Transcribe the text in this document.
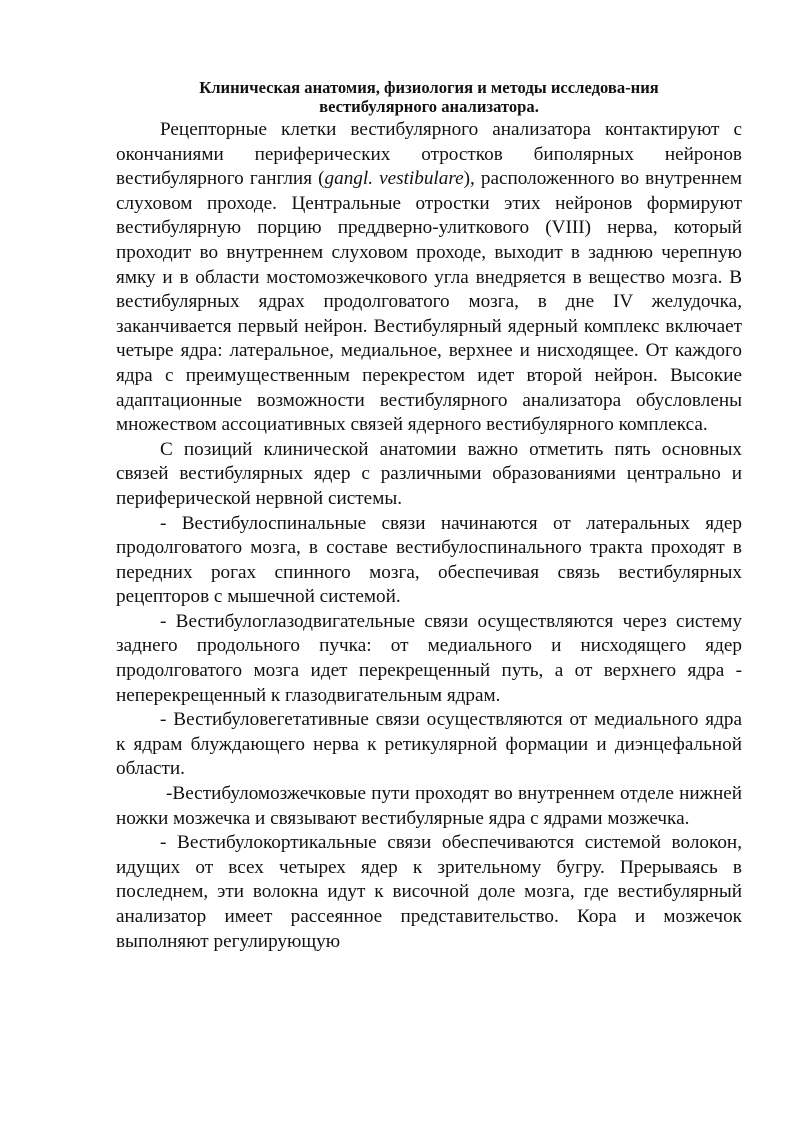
Клиническая анатомия, физиология и методы исследова-ния
вестибулярного анализатора.

Рецепторные клетки вестибулярного анализатора контактируют с окончаниями периферических отростков биполярных нейронов вестибулярного ганглия (gangl. vestibulare), расположенного во внутреннем слуховом проходе. Центральные отростки этих нейронов формируют вестибулярную порцию преддверно-улиткового (VIII) нерва, который проходит во внутреннем слуховом проходе, выходит в заднюю черепную ямку и в области мостомозжечкового угла внедряется в вещество мозга. В вестибулярных ядрах продолговатого мозга, в дне IV желудочка, заканчивается первый нейрон. Вестибулярный ядерный комплекс включает четыре ядра: латеральное, медиальное, верхнее и нисходящее. От каждого ядра с преимущественным перекрестом идет второй нейрон. Высокие адаптационные возможности вестибулярного анализатора обусловлены множеством ассоциативных связей ядерного вестибулярного комплекса.

С позиций клинической анатомии важно отметить пять основных связей вестибулярных ядер с различными образованиями центрально и периферической нервной системы.

- Вестибулоспинальные связи начинаются от латеральных ядер продолговатого мозга, в составе вестибулоспинального тракта проходят в передних рогах спинного мозга, обеспечивая связь вестибулярных рецепторов с мышечной системой.

- Вестибулоглазодвигательные связи осуществляются через систему заднего продольного пучка: от медиального и нисходящего ядер продолговатого мозга идет перекрещенный путь, а от верхнего ядра - неперекрещенный к глазодвигательным ядрам.

- Вестибуловегетативные связи осуществляются от медиального ядра к ядрам блуждающего нерва к ретикулярной формации и диэнцефальной области.

-Вестибуломозжечковые пути проходят во внутреннем отделе нижней ножки мозжечка и связывают вестибулярные ядра с ядрами мозжечка.

- Вестибулокортикальные связи обеспечиваются системой волокон, идущих от всех четырех ядер к зрительному бугру. Прерываясь в последнем, эти волокна идут к височной доле мозга, где вестибулярный анализатор имеет рассеянное представительство. Кора и мозжечок выполняют регулирующую
